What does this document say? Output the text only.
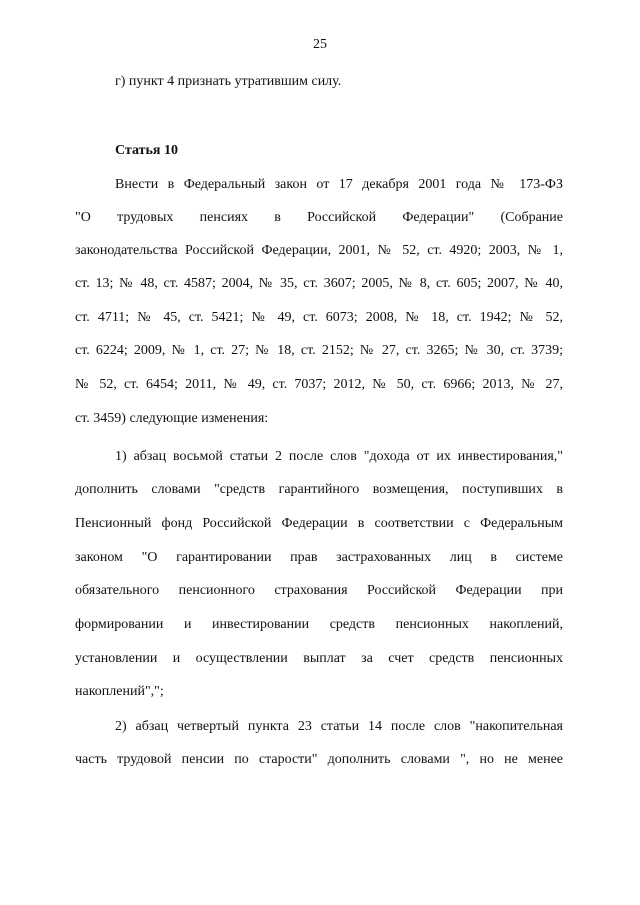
25
г) пункт 4 признать утратившим силу.
Статья 10
Внести в Федеральный закон от 17 декабря 2001 года № 173-ФЗ
"О трудовых пенсиях в Российской Федерации" (Собрание
законодательства Российской Федерации, 2001, № 52, ст. 4920; 2003, № 1,
ст. 13; № 48, ст. 4587; 2004, № 35, ст. 3607; 2005, № 8, ст. 605; 2007, № 40,
ст. 4711; № 45, ст. 5421; № 49, ст. 6073; 2008, № 18, ст. 1942; № 52,
ст. 6224; 2009, № 1, ст. 27; № 18, ст. 2152; № 27, ст. 3265; № 30, ст. 3739;
№ 52, ст. 6454; 2011, № 49, ст. 7037; 2012, № 50, ст. 6966; 2013, № 27,
ст. 3459) следующие изменения:
1) абзац восьмой статьи 2 после слов "дохода от их инвестирования,"
дополнить словами "средств гарантийного возмещения, поступивших в
Пенсионный фонд Российской Федерации в соответствии с Федеральным
законом "О гарантировании прав застрахованных лиц в системе
обязательного пенсионного страхования Российской Федерации при
формировании и инвестировании средств пенсионных накоплений,
установлении и осуществлении выплат за счет средств пенсионных
накоплений",";
2) абзац четвертый пункта 23 статьи 14 после слов "накопительная
часть трудовой пенсии по старости" дополнить словами ", но не менее
